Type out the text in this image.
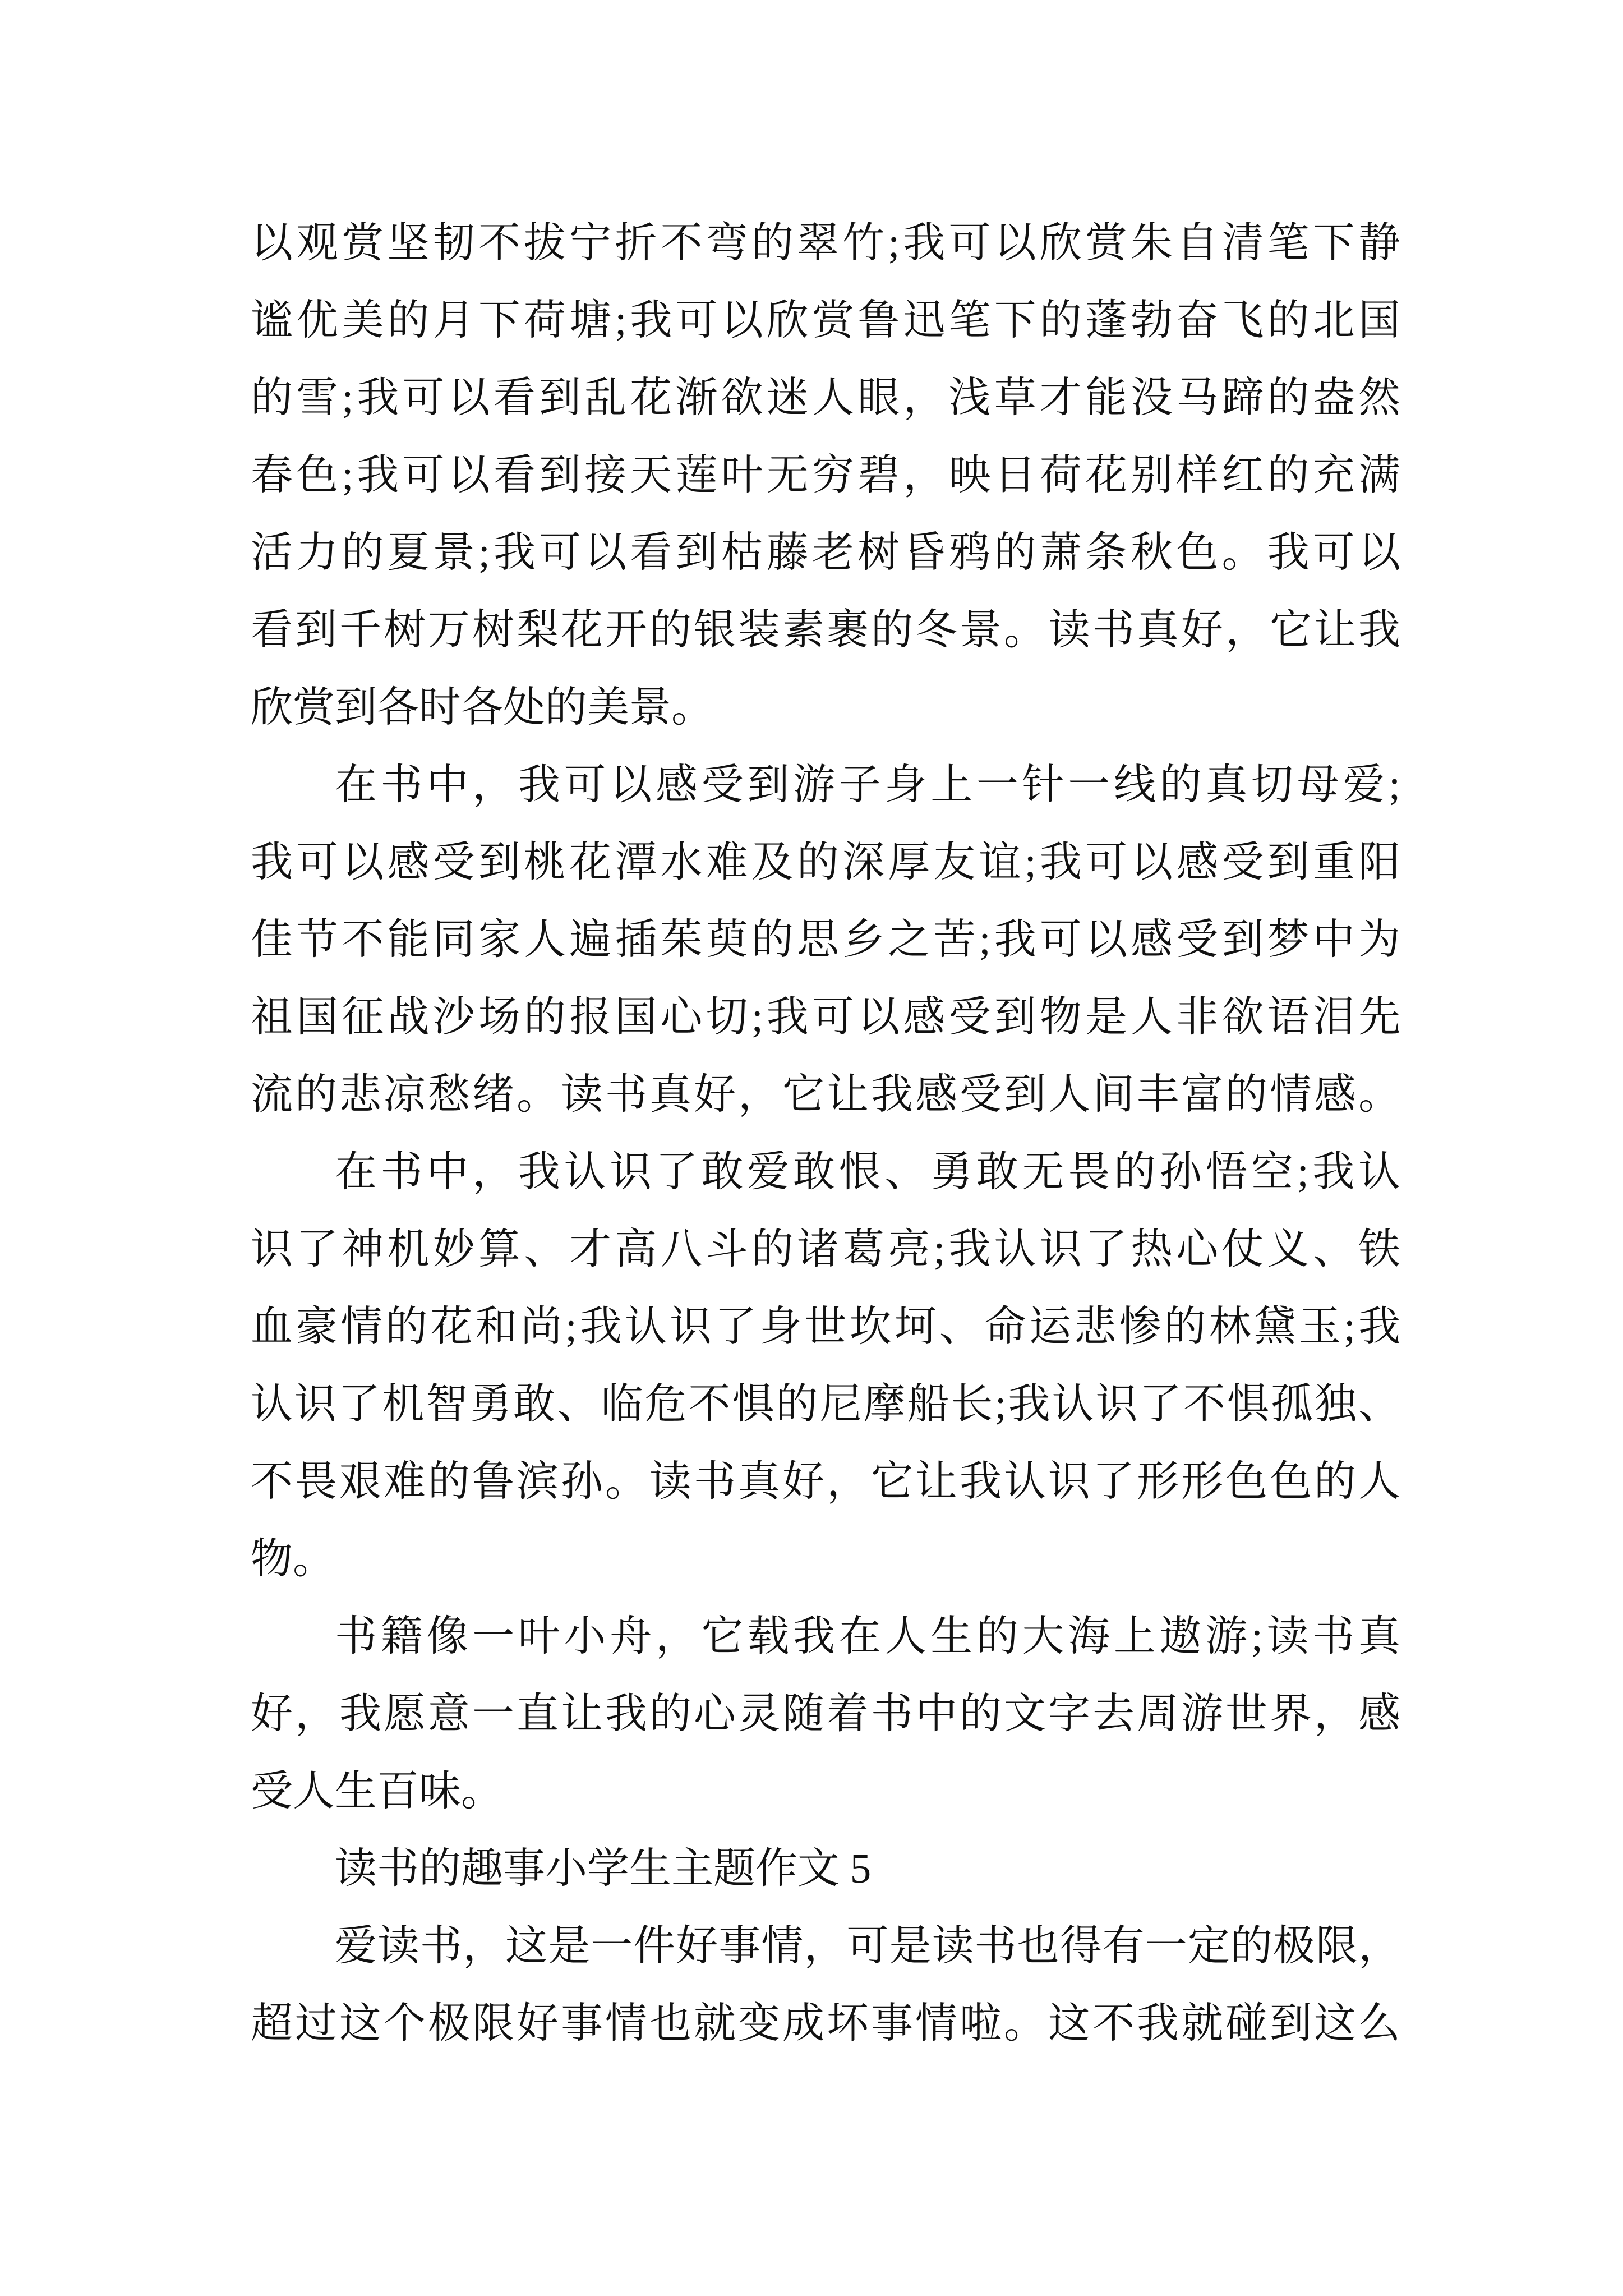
以观赏坚韧不拔宁折不弯的翠竹;我可以欣赏朱自清笔下静
谧优美的月下荷塘;我可以欣赏鲁迅笔下的蓬勃奋飞的北国
的雪;我可以看到乱花渐欲迷人眼，浅草才能没马蹄的盎然
春色;我可以看到接天莲叶无穷碧，映日荷花别样红的充满
活力的夏景;我可以看到枯藤老树昏鸦的萧条秋色。我可以
看到千树万树梨花开的银装素裹的冬景。读书真好，它让我
欣赏到各时各处的美景。
在书中，我可以感受到游子身上一针一线的真切母爱;
我可以感受到桃花潭水难及的深厚友谊;我可以感受到重阳
佳节不能同家人遍插茱萸的思乡之苦;我可以感受到梦中为
祖国征战沙场的报国心切;我可以感受到物是人非欲语泪先
流的悲凉愁绪。读书真好，它让我感受到人间丰富的情感。
在书中，我认识了敢爱敢恨、勇敢无畏的孙悟空;我认
识了神机妙算、才高八斗的诸葛亮;我认识了热心仗义、铁
血豪情的花和尚;我认识了身世坎坷、命运悲惨的林黛玉;我
认识了机智勇敢、临危不惧的尼摩船长;我认识了不惧孤独、
不畏艰难的鲁滨孙。读书真好，它让我认识了形形色色的人
物。
书籍像一叶小舟，它载我在人生的大海上遨游;读书真
好，我愿意一直让我的心灵随着书中的文字去周游世界，感
受人生百味。
读书的趣事小学生主题作文 5
爱读书，这是一件好事情，可是读书也得有一定的极限，
超过这个极限好事情也就变成坏事情啦。这不我就碰到这么
